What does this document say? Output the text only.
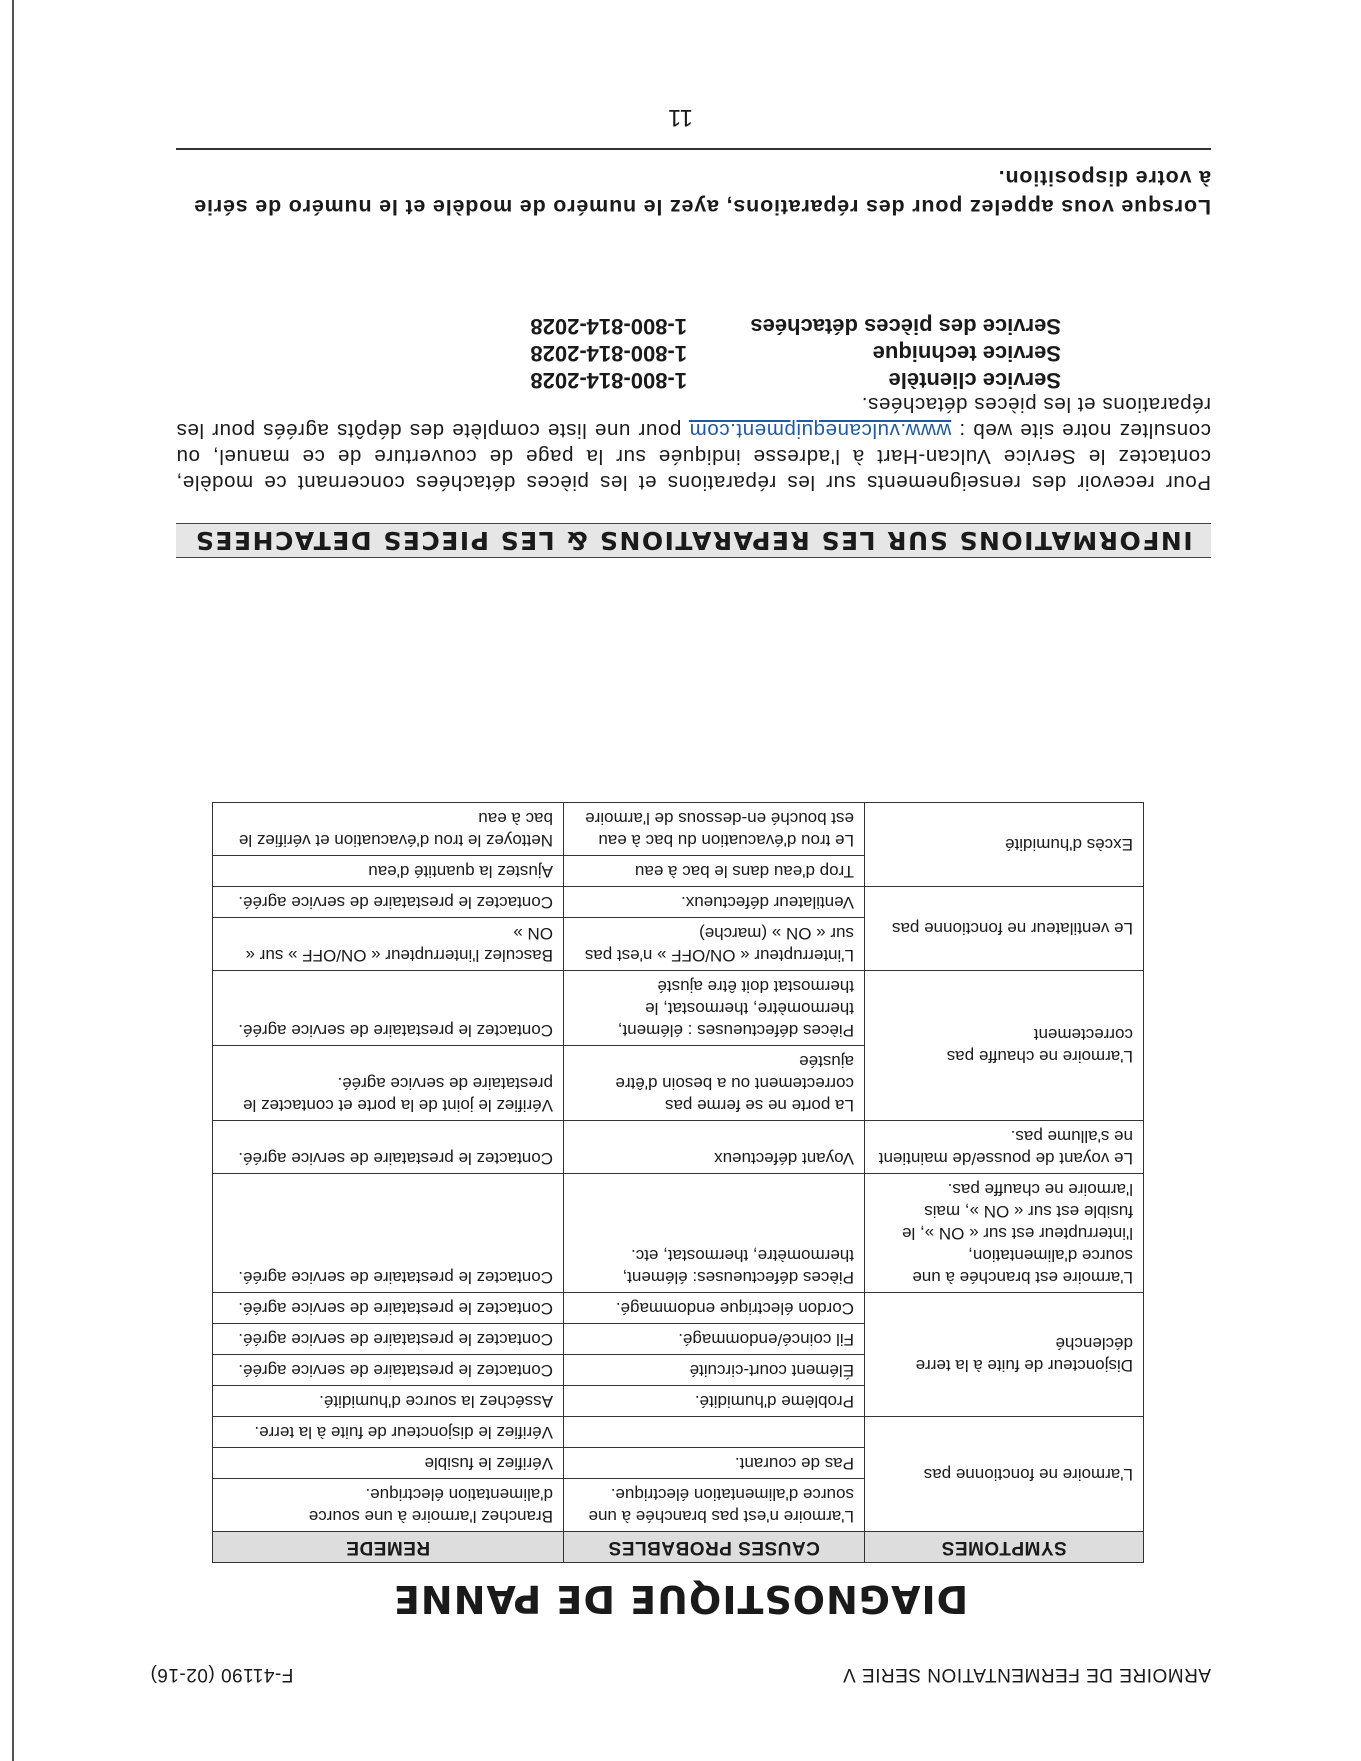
ARMOIRE DE FERMENTATION SERIE V
F-41190 (02-16)
DIAGNOSTIQUE DE PANNE
SYMPTOMES	CAUSES PROBABLES	REMEDE
L'armoire ne fonctionne pas	L'armoire n'est pas branchée à une source d'alimentation électrique.	Branchez l'armoire à une source d'alimentation électrique.
	Pas de courant.	Vérifiez le fusible
		Vérifiez le disjoncteur de fuite à la terre.
Disjoncteur de fuite à la terre déclenché	Problème d'humidité.	Asséchez la source d'humidité.
	Élément court-circuité	Contactez le prestataire de service agréé.
	Fil coincé/endommagé.	Contactez le prestataire de service agréé.
	Cordon électrique endommagé.	Contactez le prestataire de service agréé.
L'armoire est branchée à une source d'alimentation, l'interrupteur est sur « ON », le fusible est sur « ON », mais l'armoire ne chauffe pas.	Pièces défectueuses: élément, thermomètre, thermostat, etc.	Contactez le prestataire de service agréé.
Le voyant de pousse/de maintient ne s'allume pas.	Voyant défectueux	Contactez le prestataire de service agréé.
L'armoire ne chauffe pas correctement	La porte ne se ferme pas correctement ou a besoin d'être ajustée	Vérifiez le joint de la porte et contactez le prestataire de service agréé.
	Pièces défectueuses : élément, thermomètre, thermostat, le thermostat doit être ajusté	Contactez le prestataire de service agréé.
Le ventilateur ne fonctionne pas	L'interrupteur « ON/OFF » n'est pas sur « ON » (marche)	Basculez l'interrupteur « ON/OFF » sur « ON »
	Ventilateur défectueux.	Contactez le prestataire de service agréé.
Excès d'humidité	Trop d'eau dans le bac à eau	Ajustez la quantité d'eau
	Le trou d'évacuation du bac à eau est bouché en-dessous de l'armoire	Nettoyez le trou d'évacuation et vérifiez le bac à eau
INFORMATIONS SUR LES REPARATIONS & LES PIECES DETACHEES
Pour recevoir des renseignements sur les réparations et les pièces détachées concernant ce modèle, contactez le Service Vulcan-Hart à l'adresse indiquée sur la page de couverture de ce manuel, ou consultez notre site web : www.vulcanequipment.com pour une liste complète des dépôts agréés pour les réparations et les pièces détachées.
Service clientèle
1-800-814-2028
Service technique
1-800-814-2028
Service des pièces détachées
1-800-814-2028
Lorsque vous appelez pour des réparations, ayez le numéro de modèle et le numéro de série à votre disposition.
11
